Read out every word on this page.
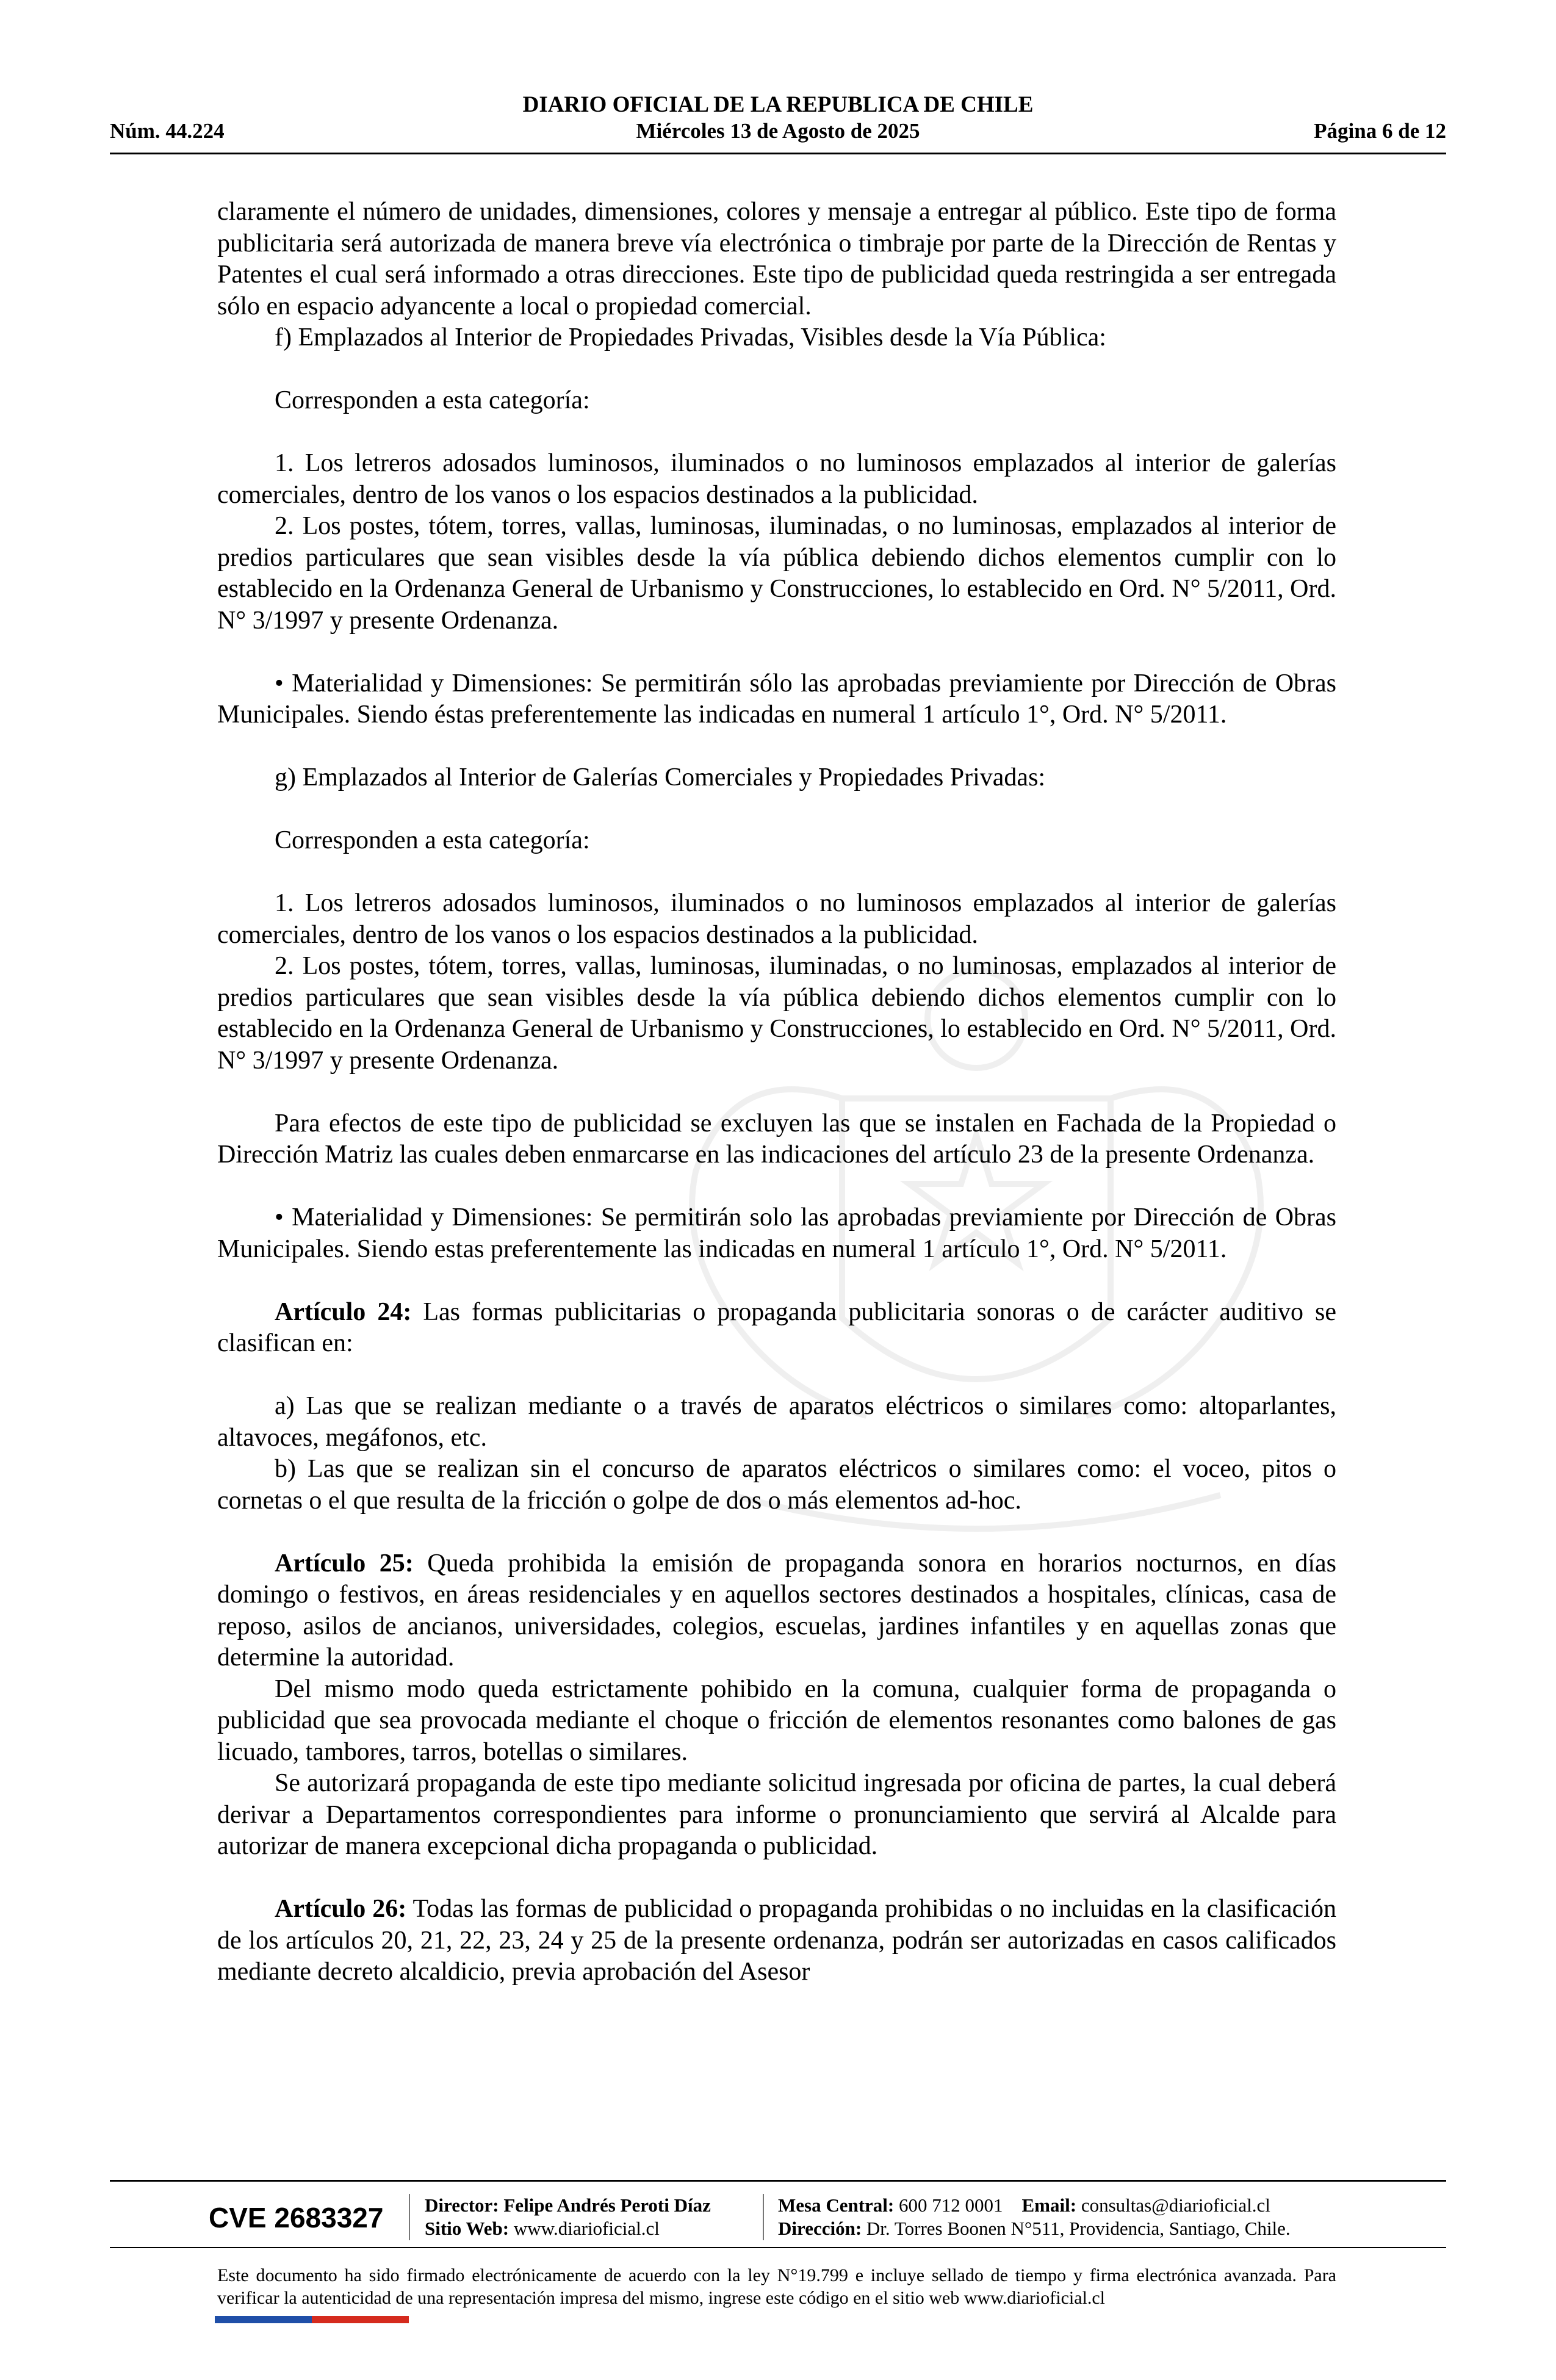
DIARIO OFICIAL DE LA REPUBLICA DE CHILE
Núm. 44.224	Miércoles 13 de Agosto de 2025	Página 6 de 12

claramente el número de unidades, dimensiones, colores y mensaje a entregar al público. Este tipo de forma publicitaria será autorizada de manera breve vía electrónica o timbraje por parte de la Dirección de Rentas y Patentes el cual será informado a otras direcciones. Este tipo de publicidad queda restringida a ser entregada sólo en espacio adyancente a local o propiedad comercial.

f) Emplazados al Interior de Propiedades Privadas, Visibles desde la Vía Pública:

Corresponden a esta categoría:

1. Los letreros adosados luminosos, iluminados o no luminosos emplazados al interior de galerías comerciales, dentro de los vanos o los espacios destinados a la publicidad.

2. Los postes, tótem, torres, vallas, luminosas, iluminadas, o no luminosas, emplazados al interior de predios particulares que sean visibles desde la vía pública debiendo dichos elementos cumplir con lo establecido en la Ordenanza General de Urbanismo y Construcciones, lo establecido en Ord. N° 5/2011, Ord. N° 3/1997 y presente Ordenanza.

• Materialidad y Dimensiones: Se permitirán sólo las aprobadas previamiente por Dirección de Obras Municipales. Siendo éstas preferentemente las indicadas en numeral 1 artículo 1°, Ord. N° 5/2011.

g) Emplazados al Interior de Galerías Comerciales y Propiedades Privadas:

Corresponden a esta categoría:

1. Los letreros adosados luminosos, iluminados o no luminosos emplazados al interior de galerías comerciales, dentro de los vanos o los espacios destinados a la publicidad.

2. Los postes, tótem, torres, vallas, luminosas, iluminadas, o no luminosas, emplazados al interior de predios particulares que sean visibles desde la vía pública debiendo dichos elementos cumplir con lo establecido en la Ordenanza General de Urbanismo y Construcciones, lo establecido en Ord. N° 5/2011, Ord. N° 3/1997 y presente Ordenanza.

Para efectos de este tipo de publicidad se excluyen las que se instalen en Fachada de la Propiedad o Dirección Matriz las cuales deben enmarcarse en las indicaciones del artículo 23 de la presente Ordenanza.

• Materialidad y Dimensiones: Se permitirán solo las aprobadas previamiente por Dirección de Obras Municipales. Siendo estas preferentemente las indicadas en numeral 1 artículo 1°, Ord. N° 5/2011.

Artículo 24: Las formas publicitarias o propaganda publicitaria sonoras o de carácter auditivo se clasifican en:

a) Las que se realizan mediante o a través de aparatos eléctricos o similares como: altoparlantes, altavoces, megáfonos, etc.

b) Las que se realizan sin el concurso de aparatos eléctricos o similares como: el voceo, pitos o cornetas o el que resulta de la fricción o golpe de dos o más elementos ad-hoc.

Artículo 25: Queda prohibida la emisión de propaganda sonora en horarios nocturnos, en días domingo o festivos, en áreas residenciales y en aquellos sectores destinados a hospitales, clínicas, casa de reposo, asilos de ancianos, universidades, colegios, escuelas, jardines infantiles y en aquellas zonas que determine la autoridad.

Del mismo modo queda estrictamente pohibido en la comuna, cualquier forma de propaganda o publicidad que sea provocada mediante el choque o fricción de elementos resonantes como balones de gas licuado, tambores, tarros, botellas o similares.

Se autorizará propaganda de este tipo mediante solicitud ingresada por oficina de partes, la cual deberá derivar a Departamentos correspondientes para informe o pronunciamiento que servirá al Alcalde para autorizar de manera excepcional dicha propaganda o publicidad.

Artículo 26: Todas las formas de publicidad o propaganda prohibidas o no incluidas en la clasificación de los artículos 20, 21, 22, 23, 24 y 25 de la presente ordenanza, podrán ser autorizadas en casos calificados mediante decreto alcaldicio, previa aprobación del Asesor

CVE 2683327 Director: Felipe Andrés Peroti Díaz
Sitio Web: www.diarioficial.cl
Mesa Central: 600 712 0001 Email: consultas@diarioficial.cl
Dirección: Dr. Torres Boonen N°511, Providencia, Santiago, Chile.
Este documento ha sido firmado electrónicamente de acuerdo con la ley N°19.799 e incluye sellado de tiempo y firma electrónica avanzada. Para verificar la autenticidad de una representación impresa del mismo, ingrese este código en el sitio web www.diarioficial.cl
